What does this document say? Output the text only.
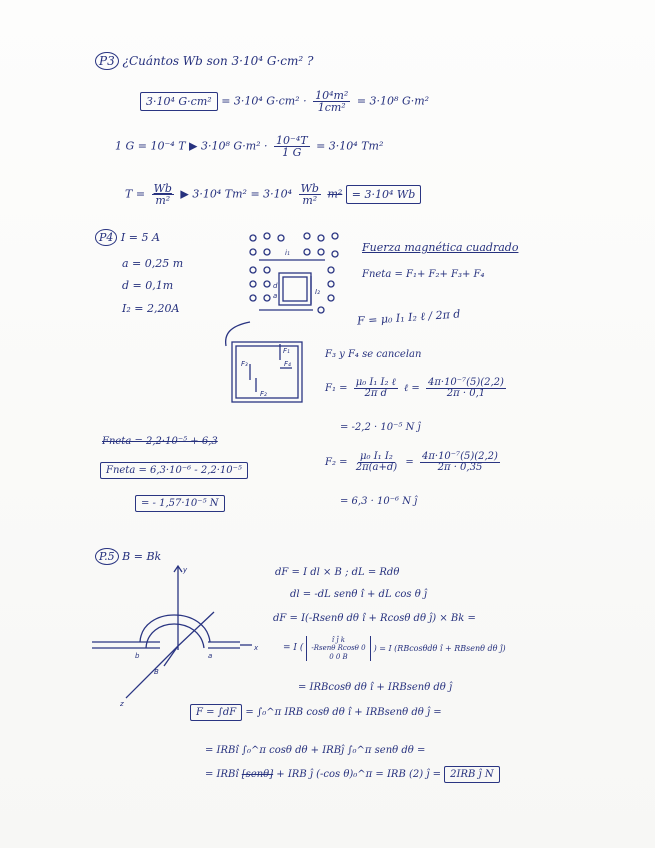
P3 ¿Cuántos Wb son 3·10⁴ G·cm² ?
3·10⁴ G·cm² = 3·10⁴ $G\cdot cm^2 \cdot \frac{\text{10⁴m²}}{\text{1cm²}} = 3\cdot 10^8$ G·m²
1 G = 10⁻⁴ T ▶ 3·10⁸ $G\cdot m^2 \cdot \frac{\text{10⁻⁴T}}{1 G} = 3\cdot 10^4$ Tm²
$T = \frac{Wb}{\text{m²}}$ ▶ 3·10⁴ $Tm^2 = 3\cdot 10^4 \frac{Wb}{\text{m²}} m^2 = 3\cdot 10^4$ Wb
P4 I = 5 A
a = 0,25 m
d = 0,1m
I₂ = 2,20A
i₁
I₂
a
d
F₁
F₂
F₃	F₄
Fuerza magnética cuadrado
Fneta = F₁+ F₂+ F₃+ F₄
F = μ₀ I₁ I₂ ℓ / 2π d
F₃ y F₄ se cancelan
$F_1 = \frac{\text{μ₀ I₁ I₂ ℓ}}{\text{2π d}}$ ℓ = $\frac{\text{4π·10⁻⁷(5)(2,2)}}{2\pi \cdot 0,1}$
= -2,2 · 10⁻⁵ N ĵ
$F_2 = \frac{\text{μ₀ I₁ I₂}}{2\pi(a+d)} = \frac{\text{4π·10⁻⁷(5)(2,2)}}{2\pi \cdot 0,35}$
= 6,3 · 10⁻⁶ N ĵ
Fneta = 2,2·10⁻⁵ + 6,3
Fneta = 6,3·10⁻⁶ - 2,2·10⁻⁵
= - 1,57·10⁻⁵ N
P.5 B = Bk
y
x
z
b	a
B
dF = I dl × B ; dL = Rdθ
dl = -dL senθ î + dL cos θ ĵ
dF = I(-Rsenθ dθ î + Rcosθ dθ ĵ) × Bk =
= I (
î ĵ k
-Rsenθ Rcosθ 0
0 0 B
) = I (RBcosθdθ î + RBsenθ dθ ĵ)
= IRBcosθ dθ î + IRBsenθ dθ ĵ
F = ∫dF = ∫₀^π IRB cosθ dθ î + IRBsenθ dθ ĵ =
= IRBî ∫₀^π cosθ dθ + IRBĵ ∫₀^π senθ dθ =
= IRBî [senθ] + IRB ĵ (-cos θ)₀^π = IRB (2) ĵ = 2IRB ĵ N
